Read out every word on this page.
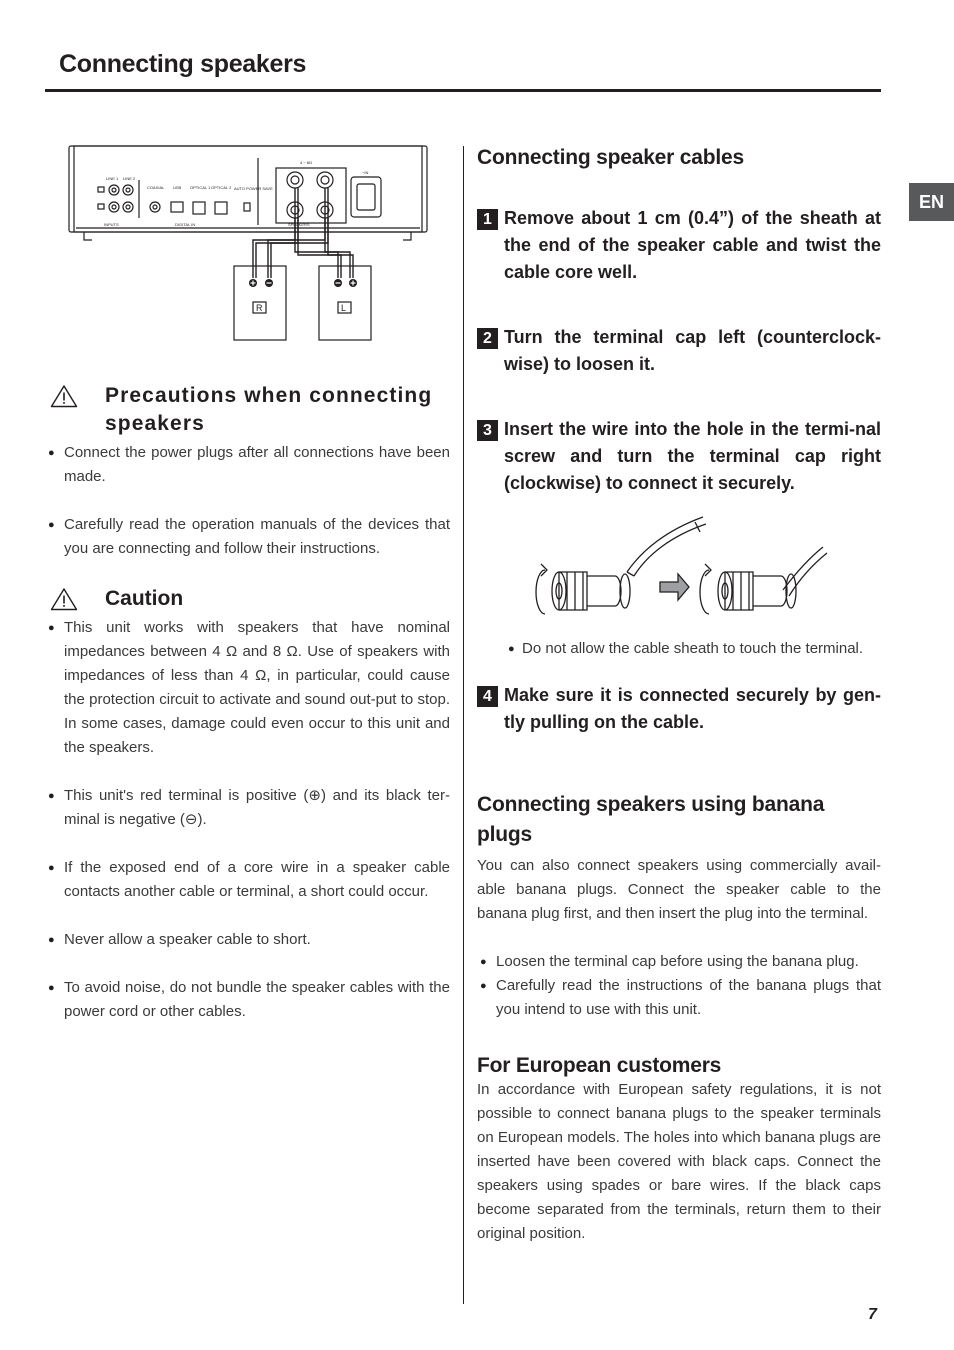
Connecting speakers
EN
LINE 1 LINE 2
COAXIAL USB OPTICAL 1 OPTICAL 2 AUTO POWER SAVE
INPUTS	DIGITAL IN	SPEAKERS
4 ~ 8Ω
~IN
R	L
Precautions when connecting speakers
● Connect the power plugs after all connections have been made.
● Carefully read the operation manuals of the devices that you are connecting and follow their instructions.
Caution
● This unit works with speakers that have nominal impedances between 4 Ω and 8 Ω. Use of speakers with impedances of less than 4 Ω, in particular, could cause the protection circuit to activate and sound out-put to stop. In some cases, damage could even occur to this unit and the speakers.
● This unit's red terminal is positive (⊕) and its black ter-minal is negative (⊖).
● If the exposed end of a core wire in a speaker cable contacts another cable or terminal, a short could occur.
● Never allow a speaker cable to short.
● To avoid noise, do not bundle the speaker cables with the power cord or other cables.
Connecting speaker cables
1 Remove about 1 cm (0.4”) of the sheath at the end of the speaker cable and twist the cable core well.
2 Turn the terminal cap left (counterclock-wise) to loosen it.
3 Insert the wire into the hole in the termi-nal screw and turn the terminal cap right (clockwise) to connect it securely.
● Do not allow the cable sheath to touch the terminal.
4 Make sure it is connected securely by gen-tly pulling on the cable.
Connecting speakers using banana plugs

You can also connect speakers using commercially avail-able banana plugs. Connect the speaker cable to the banana plug first, and then insert the plug into the terminal.

● Loosen the terminal cap before using the banana plug.
● Carefully read the instructions of the banana plugs that you intend to use with this unit.
For European customers

In accordance with European safety regulations, it is not possible to connect banana plugs to the speaker terminals on European models. The holes into which banana plugs are inserted have been covered with black caps. Connect the speakers using spades or bare wires. If the black caps become separated from the terminals, return them to their original position.

7
